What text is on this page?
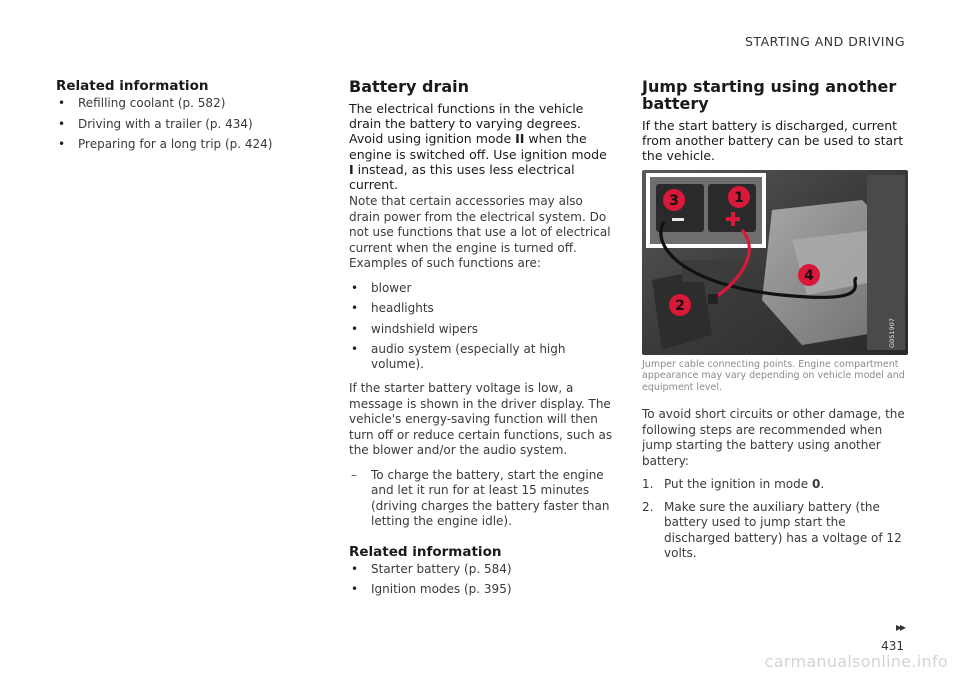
STARTING AND DRIVING
Related information
• Refilling coolant (p. 582)
• Driving with a trailer (p. 434)
• Preparing for a long trip (p. 424)
Battery drain

The electrical functions in the vehicle drain the battery to varying degrees. Avoid using ignition mode II when the engine is switched off. Use ignition mode I instead, as this uses less electrical current.

Note that certain accessories may also drain power from the electrical system. Do not use functions that use a lot of electrical current when the engine is turned off. Examples of such functions are:

• blower
• headlights
• windshield wipers
• audio system (especially at high volume).

If the starter battery voltage is low, a message is shown in the driver display. The vehicle's energy-saving function will then turn off or reduce certain functions, such as the blower and/or the audio system.

– To charge the battery, start the engine and let it run for at least 15 minutes (driving charges the battery faster than letting the engine idle).
Related information
• Starter battery (p. 584)
• Ignition modes (p. 395)
Jump starting using another battery

If the start battery is discharged, current from another battery can be used to start the vehicle.

3	1
4
2
G051907

Jumper cable connecting points. Engine compartment appearance may vary depending on vehicle model and equipment level.

To avoid short circuits or other damage, the following steps are recommended when jump starting the battery using another battery:

1. Put the ignition in mode 0.
2. Make sure the auxiliary battery (the battery used to jump start the discharged battery) has a voltage of 12 volts.
▸▸
431
carmanualsonline.info
